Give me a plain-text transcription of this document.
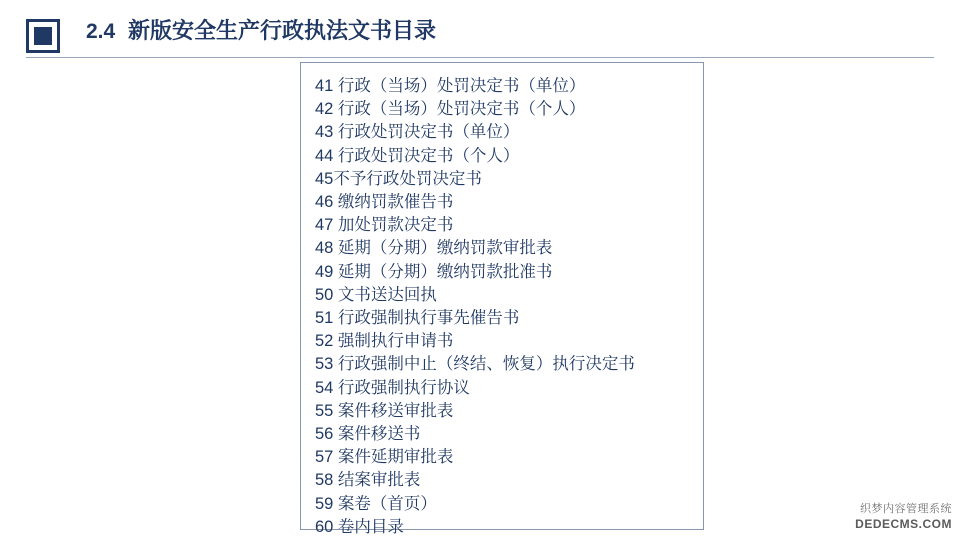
2.4 新版安全生产行政执法文书目录
41 行政（当场）处罚决定书（单位）
42 行政（当场）处罚决定书（个人）
43 行政处罚决定书（单位）
44 行政处罚决定书（个人）
45不予行政处罚决定书
46 缴纳罚款催告书
47 加处罚款决定书
48 延期（分期）缴纳罚款审批表
49 延期（分期）缴纳罚款批准书
50 文书送达回执
51 行政强制执行事先催告书
52 强制执行申请书
53 行政强制中止（终结、恢复）执行决定书
54 行政强制执行协议
55 案件移送审批表
56 案件移送书
57 案件延期审批表
58 结案审批表
59 案卷（首页）
60 卷内目录
织梦内容管理系统
DEDECMS.COM
